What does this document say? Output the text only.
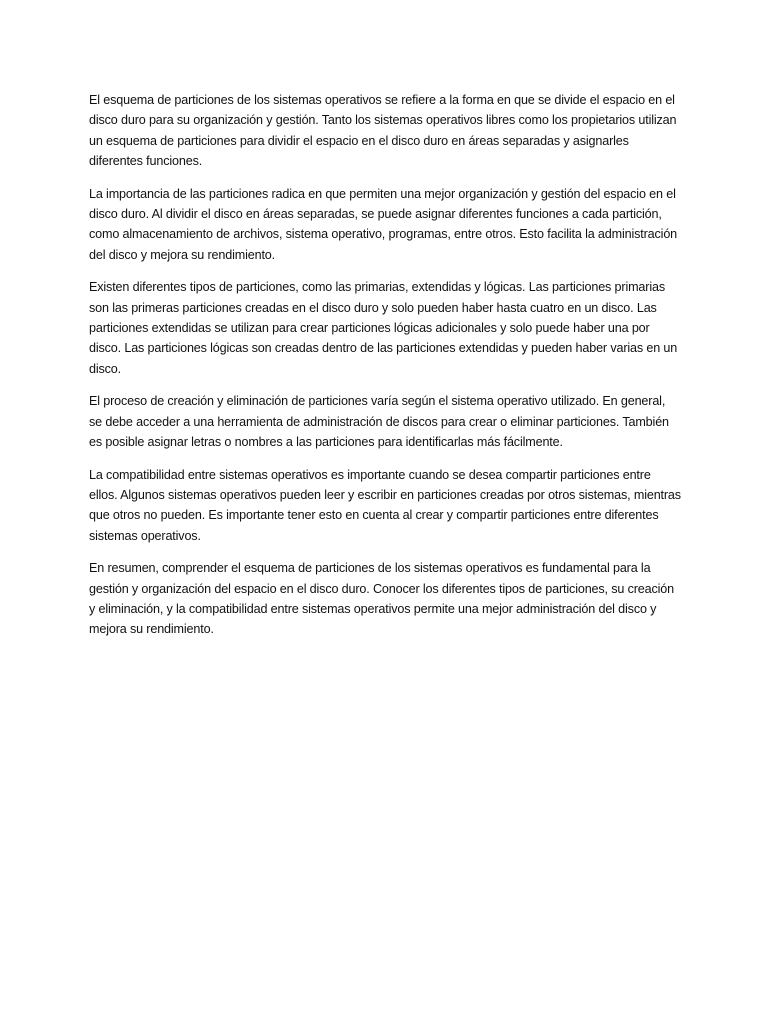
El esquema de particiones de los sistemas operativos se refiere a la forma en que se divide el espacio en el disco duro para su organización y gestión. Tanto los sistemas operativos libres como los propietarios utilizan un esquema de particiones para dividir el espacio en el disco duro en áreas separadas y asignarles diferentes funciones.

La importancia de las particiones radica en que permiten una mejor organización y gestión del espacio en el disco duro. Al dividir el disco en áreas separadas, se puede asignar diferentes funciones a cada partición, como almacenamiento de archivos, sistema operativo, programas, entre otros. Esto facilita la administración del disco y mejora su rendimiento.

Existen diferentes tipos de particiones, como las primarias, extendidas y lógicas. Las particiones primarias son las primeras particiones creadas en el disco duro y solo pueden haber hasta cuatro en un disco. Las particiones extendidas se utilizan para crear particiones lógicas adicionales y solo puede haber una por disco. Las particiones lógicas son creadas dentro de las particiones extendidas y pueden haber varias en un disco.

El proceso de creación y eliminación de particiones varía según el sistema operativo utilizado. En general, se debe acceder a una herramienta de administración de discos para crear o eliminar particiones. También es posible asignar letras o nombres a las particiones para identificarlas más fácilmente.

La compatibilidad entre sistemas operativos es importante cuando se desea compartir particiones entre ellos. Algunos sistemas operativos pueden leer y escribir en particiones creadas por otros sistemas, mientras que otros no pueden. Es importante tener esto en cuenta al crear y compartir particiones entre diferentes sistemas operativos.

En resumen, comprender el esquema de particiones de los sistemas operativos es fundamental para la gestión y organización del espacio en el disco duro. Conocer los diferentes tipos de particiones, su creación y eliminación, y la compatibilidad entre sistemas operativos permite una mejor administración del disco y mejora su rendimiento.
